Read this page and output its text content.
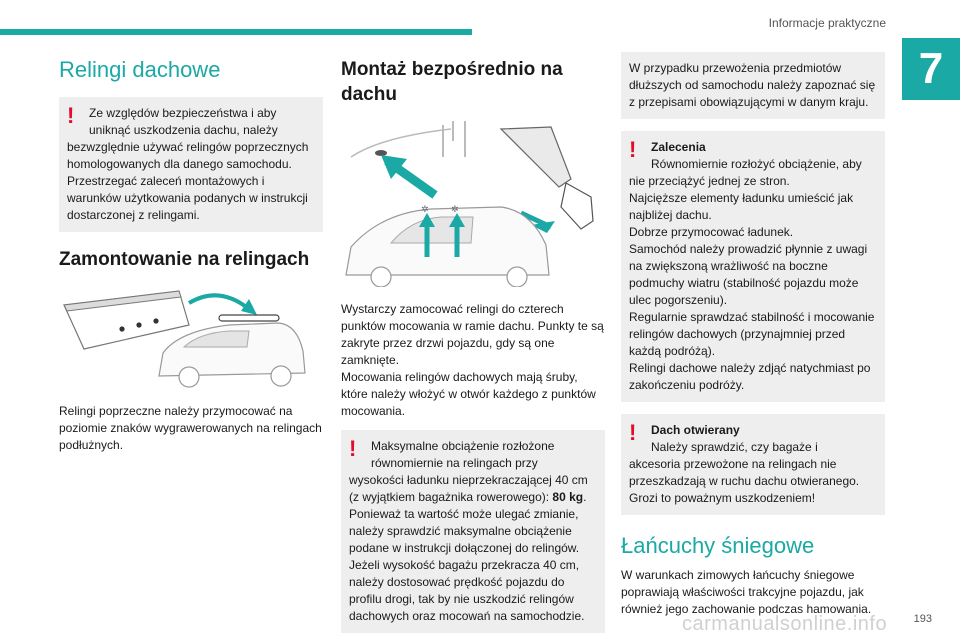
Informacje praktyczne
7
Relingi dachowe
!	Ze względów bezpieczeństwa i aby uniknąć uszkodzenia dachu, należy

bezwzględnie używać relingów poprzecznych homologowanych dla danego samochodu. Przestrzegać zaleceń montażowych i warunków użytkowania podanych w instrukcji dostarczonej z relingami.

Zamontowanie na relingach

Relingi poprzeczne należy przymocować na poziomie znaków wygrawerowanych na relingach podłużnych.

Montaż bezpośrednio na dachu
✲ ✲

Wystarczy zamocować relingi do czterech punktów mocowania w ramie dachu. Punkty te są zakryte przez drzwi pojazdu, gdy są one zamknięte.

Mocowania relingów dachowych mają śruby, które należy włożyć w otwór każdego z punktów mocowania.

!	Maksymalne obciążenie rozłożone równomiernie na relingach przy

wysokości ładunku nieprzekraczającej 40 cm (z wyjątkiem bagażnika rowerowego): 80 kg.

Ponieważ ta wartość może ulegać zmianie, należy sprawdzić maksymalne obciążenie podane w instrukcji dołączonej do relingów. Jeżeli wysokość bagażu przekracza 40 cm, należy dostosować prędkość pojazdu do profilu drogi, tak by nie uszkodzić relingów dachowych oraz mocowań na samochodzie.

W przypadku przewożenia przedmiotów dłuższych od samochodu należy zapoznać się z przepisami obowiązującymi w danym kraju.

!	Zalecenia

Równomiernie rozłożyć obciążenie, aby

nie przeciążyć jednej ze stron.

Najcięższe elementy ładunku umieścić jak najbliżej dachu.

Dobrze przymocować ładunek.

Samochód należy prowadzić płynnie z uwagi na zwiększoną wrażliwość na boczne podmuchy wiatru (stabilność pojazdu może ulec pogorszeniu).

Regularnie sprawdzać stabilność i mocowanie relingów dachowych (przynajmniej przed każdą podróżą).

Relingi dachowe należy zdjąć natychmiast po zakończeniu podróży.

!	Dach otwierany

Należy sprawdzić, czy bagaże i

akcesoria przewożone na relingach nie przeszkadzają w ruchu dachu otwieranego. Grozi to poważnym uszkodzeniem!

Łańcuchy śniegowe

W warunkach zimowych łańcuchy śniegowe poprawiają właściwości trakcyjne pojazdu, jak również jego zachowanie podczas hamowania.

carmanualsonline.info 193
